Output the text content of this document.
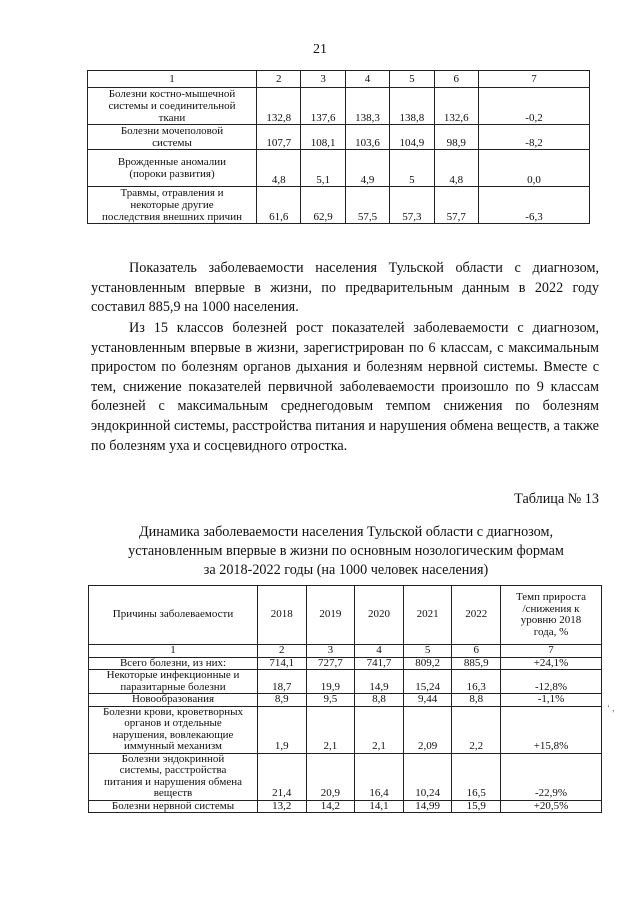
21
1	2	3	4	5	6	7
Болезни костно-мышечной
системы и соединительной
ткани	132,8	137,6	138,3	138,8	132,6	-0,2
Болезни мочеполовой
системы	107,7	108,1	103,6	104,9	98,9	-8,2
Врожденные аномалии
(пороки развития)	4,8	5,1	4,9	5	4,8	0,0
Травмы, отравления и
некоторые другие
последствия внешних причин	61,6	62,9	57,5	57,3	57,7	-6,3

Показатель заболеваемости населения Тульской области с диагнозом, установленным впервые в жизни, по предварительным данным в 2022 году составил 885,9 на 1000 населения.

Из 15 классов болезней рост показателей заболеваемости с диагнозом, установленным впервые в жизни, зарегистрирован по 6 классам, с максимальным приростом по болезням органов дыхания и болезням нервной системы. Вместе с тем, снижение показателей первичной заболеваемости произошло по 9 классам болезней с максимальным среднегодовым темпом снижения по болезням эндокринной системы, расстройства питания и нарушения обмена веществ, а также по болезням уха и сосцевидного отростка.

Таблица № 13

Динамика заболеваемости населения Тульской области с диагнозом,
установленным впервые в жизни по основным нозологическим формам
за 2018-2022 годы (на 1000 человек населения)

Причины заболеваемости	2018	2019	2020	2021	2022	Темп прироста
/снижения к
уровню 2018
года, %
1	2	3	4	5	6	7
Всего болезни, из них:	714,1	727,7	741,7	809,2	885,9	+24,1%
Некоторые инфекционные и
паразитарные болезни	18,7	19,9	14,9	15,24	16,3	-12,8%
Новообразования	8,9	9,5	8,8	9,44	8,8	-1,1%
Болезни крови, кроветворных
органов и отдельные
нарушения, вовлекающие
иммунный механизм	1,9	2,1	2,1	2,09	2,2	+15,8%
Болезни эндокринной
системы, расстройства
питания и нарушения обмена
веществ	21,4	20,9	16,4	10,24	16,5	-22,9%
Болезни нервной системы	13,2	14,2	14,1	14,99	15,9	+20,5%
‘ ,
